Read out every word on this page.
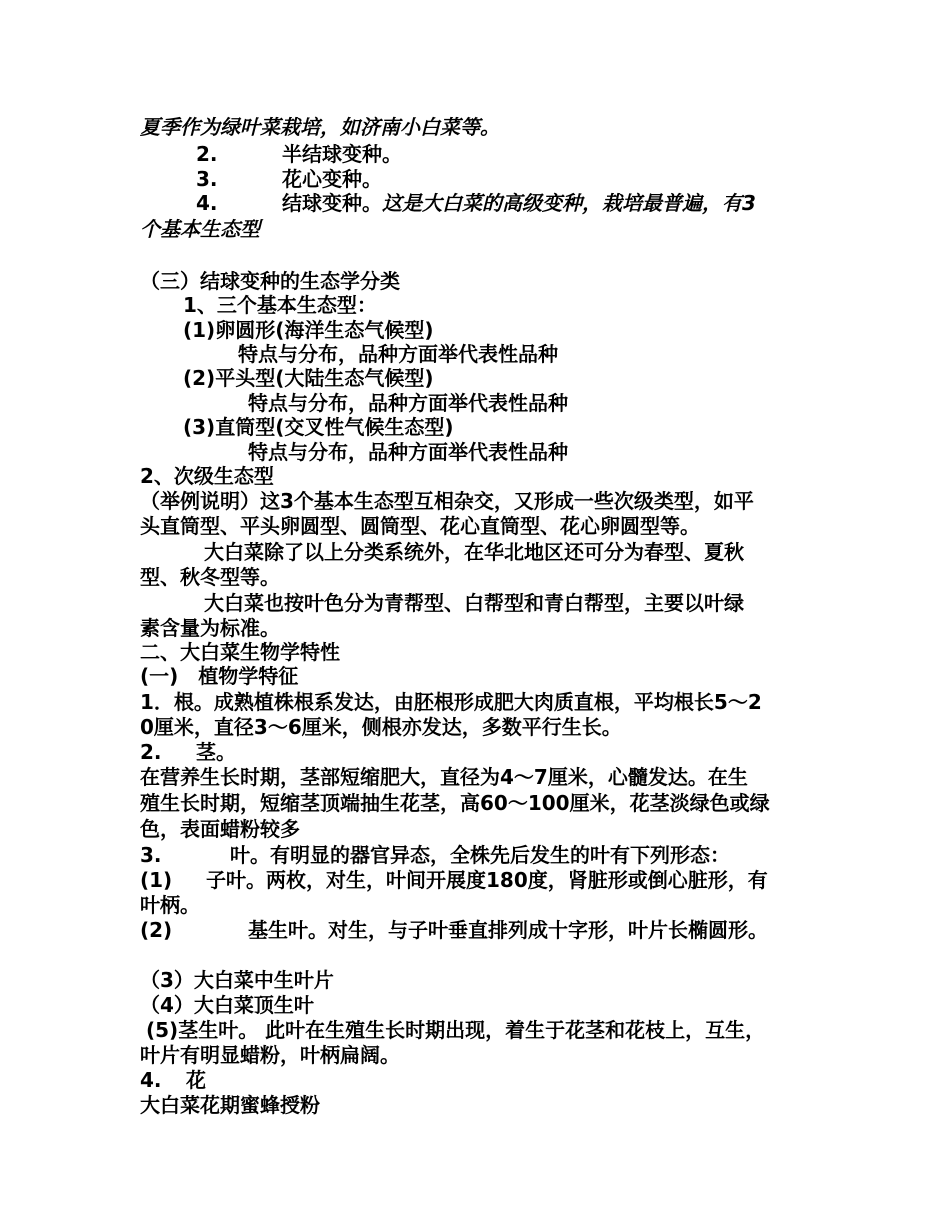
夏季作为绿叶菜栽培，如济南小白菜等。
2.	半结球变种。
3.	花心变种。
4.	结球变种。这是大白菜的高级变种，栽培最普遍，有3
个基本生态型
（三）结球变种的生态学分类
1、三个基本生态型：
(1)卵圆形(海洋生态气候型)
特点与分布，品种方面举代表性品种
(2)平头型(大陆生态气候型)
特点与分布，品种方面举代表性品种
(3)直筒型(交叉性气候生态型)
特点与分布，品种方面举代表性品种
2、次级生态型
（举例说明）这3个基本生态型互相杂交，又形成一些次级类型，如平
头直筒型、平头卵圆型、圆筒型、花心直筒型、花心卵圆型等。
大白菜除了以上分类系统外，在华北地区还可分为春型、夏秋
型、秋冬型等。
大白菜也按叶色分为青帮型、白帮型和青白帮型，主要以叶绿
素含量为标准。
二、大白菜生物学特性
(一)　植物学特征
1．根。成熟植株根系发达，由胚根形成肥大肉质直根，平均根长5～2
0厘米，直径3～6厘米，侧根亦发达，多数平行生长。
2. 茎。
在营养生长时期，茎部短缩肥大，直径为4～7厘米，心髓发达。在生
殖生长时期，短缩茎顶端抽生花茎，高60～100厘米，花茎淡绿色或绿
色，表面蜡粉较多
3.	叶。有明显的器官异态，全株先后发生的叶有下列形态：
(1) 子叶。两枚，对生，叶间开展度180度，肾脏形或倒心脏形，有
叶柄。
(2)	基生叶。对生，与子叶垂直排列成十字形，叶片长椭圆形。
（3）大白菜中生叶片
（4）大白菜顶生叶
(5)茎生叶。 此叶在生殖生长时期出现，着生于花茎和花枝上，互生，
叶片有明显蜡粉，叶柄扁阔。
4. 花
大白菜花期蜜蜂授粉
